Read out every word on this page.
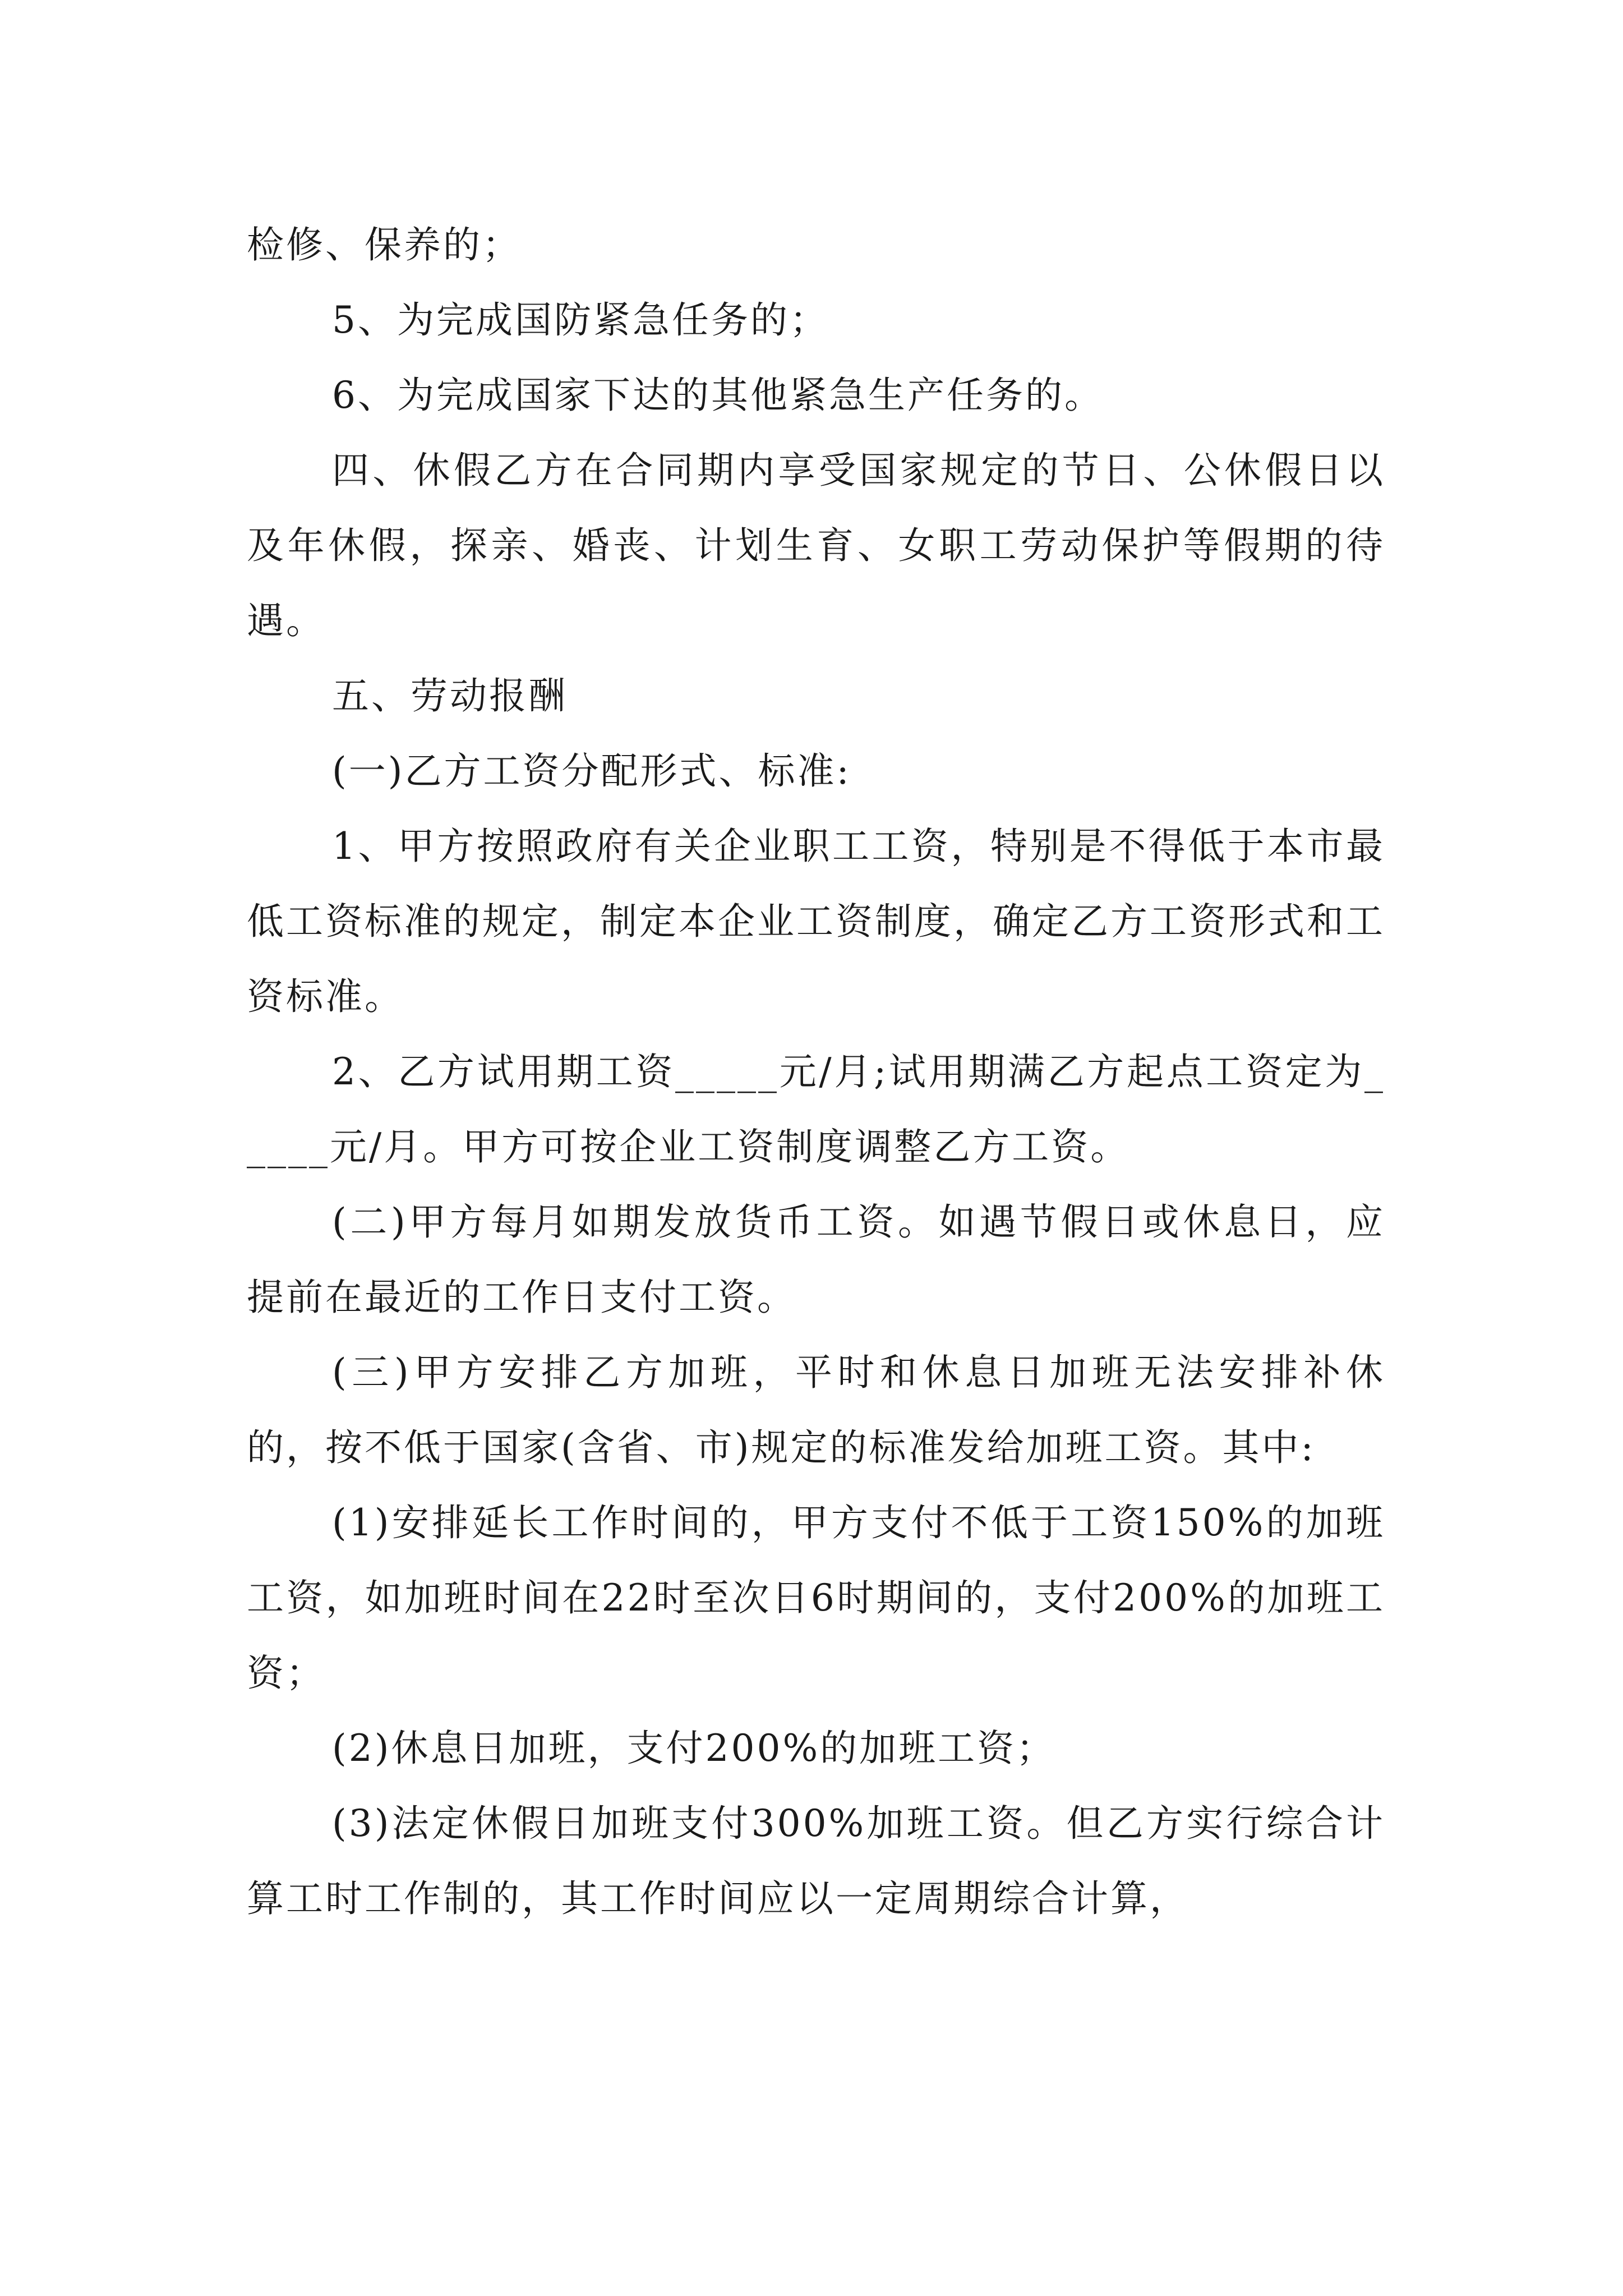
检修、保养的；

5、为完成国防紧急任务的；

6、为完成国家下达的其他紧急生产任务的。

四、休假乙方在合同期内享受国家规定的节日、公休假日以及年休假，探亲、婚丧、计划生育、女职工劳动保护等假期的待遇。

五、劳动报酬

(一)乙方工资分配形式、标准:

1、甲方按照政府有关企业职工工资，特别是不得低于本市最低工资标准的规定，制定本企业工资制度，确定乙方工资形式和工资标准。

2、乙方试用期工资_____元/月;试用期满乙方起点工资定为_____元/月。甲方可按企业工资制度调整乙方工资。

(二)甲方每月如期发放货币工资。如遇节假日或休息日，应提前在最近的工作日支付工资。

(三)甲方安排乙方加班，平时和休息日加班无法安排补休的，按不低于国家(含省、市)规定的标准发给加班工资。其中:

(1)安排延长工作时间的，甲方支付不低于工资150%的加班工资，如加班时间在22时至次日6时期间的，支付200%的加班工资；

(2)休息日加班，支付200%的加班工资；

(3)法定休假日加班支付300%加班工资。但乙方实行综合计算工时工作制的，其工作时间应以一定周期综合计算，
